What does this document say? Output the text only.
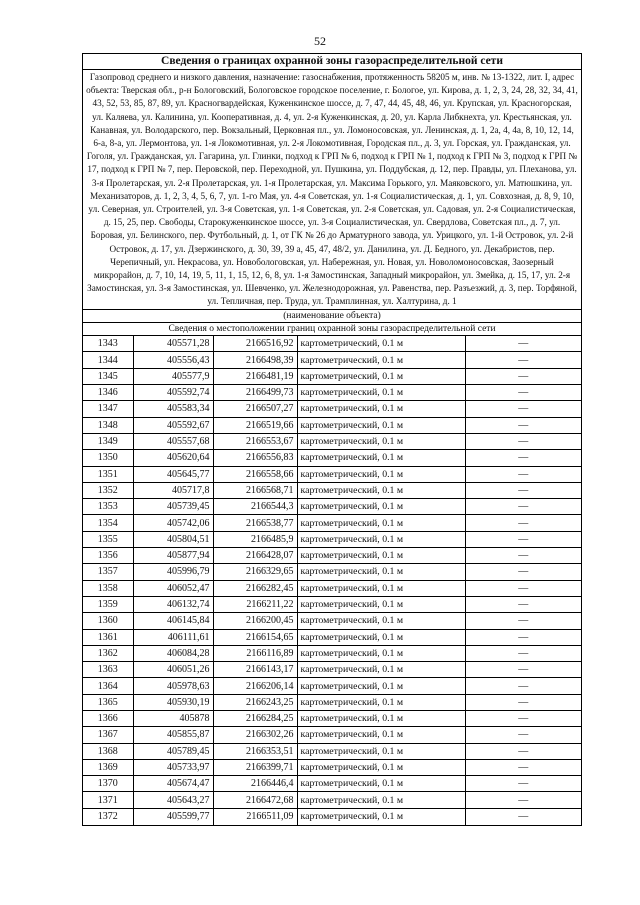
52
Сведения о границах охранной зоны газораспределительной сети
Газопровод среднего и низкого давления, назначение: газоснабжения, протяженность 58205 м, инв. № 13-1322, лит. I, адрес объекта: Тверская обл., р-н Бологовский, Бологовское городское поселение, г. Бологое, ул. Кирова, д. 1, 2, 3, 24, 28, 32, 34, 41, 43, 52, 53, 85, 87, 89, ул. Красногвардейская, Куженкинское шоссе, д. 7, 47, 44, 45, 48, 46, ул. Крупская, ул. Красногорская, ул. Каляева, ул. Калинина, ул. Кооперативная, д. 4, ул. 2-я Куженкинская, д. 20, ул. Карла Либкнехта, ул. Крестьянская, ул. Канавная, ул. Володарского, пер. Вокзальный, Церковная пл., ул. Ломоносовская, ул. Ленинская, д. 1, 2а, 4, 4а, 8, 10, 12, 14, 6-а, 8-а, ул. Лермонтова, ул. 1-я Локомотивная, ул. 2-я Локомотивная, Городская пл., д. 3, ул. Горская, ул. Гражданская, ул. Гоголя, ул. Гражданская, ул. Гагарина, ул. Глинки, подход к ГРП № 6, подход к ГРП № 1, подход к ГРП № 3, подход к ГРП № 17, подход к ГРП № 7, пер. Перовской, пер. Переходной, ул. Пушкина, ул. Поддубская, д. 12, пер. Правды, ул. Плеханова, ул. 3-я Пролетарская, ул. 2-я Пролетарская, ул. 1-я Пролетарская, ул. Максима Горького, ул. Маяковского, ул. Матюшкина, ул. Механизаторов, д. 1, 2, 3, 4, 5, 6, 7, ул. 1-го Мая, ул. 4-я Советская, ул. 1-я Социалистическая, д. 1, ул. Совхозная, д. 8, 9, 10, ул. Северная, ул. Строителей, ул. 3-я Советская, ул. 1-я Советская, ул. 2-я Советская, ул. Садовая, ул. 2-я Социалистическая, д. 15, 25, пер. Свободы, Старокуженкинское шоссе, ул. 3-я Социалистическая, ул. Свердлова, Советская пл., д. 7, ул. Боровая, ул. Белинского, пер. Футбольный, д. 1, от ГК № 26 до Арматурного завода, ул. Урицкого, ул. 1-й Островок, ул. 2-й Островок, д. 17, ул. Дзержинского, д. 30, 39, 39 а, 45, 47, 48/2, ул. Данилина, ул. Д. Бедного, ул. Декабристов, пер. Черепичный, ул. Некрасова, ул. Новобологовская, ул. Набережная, ул. Новая, ул. Новоломоносовская, Заозерный микрорайон, д. 7, 10, 14, 19, 5, 11, 1, 15, 12, 6, 8, ул. 1-я Замостинская, Западный микрорайон, ул. Змейка, д. 15, 17, ул. 2-я Замостинская, ул. 3-я Замостинская, ул. Шевченко, ул. Железнодорожная, ул. Равенства, пер. Разъезжий, д. 3, пер. Торфяной, ул. Тепличная, пер. Труда, ул. Трамплинная, ул. Халтурина, д. 1
(наименование объекта)
Сведения о местоположении границ охранной зоны газораспределительной сети
1343	405571,28	2166516,92	картометрический, 0.1 м	—
1344	405556,43	2166498,39	картометрический, 0.1 м	—
1345	405577,9	2166481,19	картометрический, 0.1 м	—
1346	405592,74	2166499,73	картометрический, 0.1 м	—
1347	405583,34	2166507,27	картометрический, 0.1 м	—
1348	405592,67	2166519,66	картометрический, 0.1 м	—
1349	405557,68	2166553,67	картометрический, 0.1 м	—
1350	405620,64	2166556,83	картометрический, 0.1 м	—
1351	405645,77	2166558,66	картометрический, 0.1 м	—
1352	405717,8	2166568,71	картометрический, 0.1 м	—
1353	405739,45	2166544,3	картометрический, 0.1 м	—
1354	405742,06	2166538,77	картометрический, 0.1 м	—
1355	405804,51	2166485,9	картометрический, 0.1 м	—
1356	405877,94	2166428,07	картометрический, 0.1 м	—
1357	405996,79	2166329,65	картометрический, 0.1 м	—
1358	406052,47	2166282,45	картометрический, 0.1 м	—
1359	406132,74	2166211,22	картометрический, 0.1 м	—
1360	406145,84	2166200,45	картометрический, 0.1 м	—
1361	406111,61	2166154,65	картометрический, 0.1 м	—
1362	406084,28	2166116,89	картометрический, 0.1 м	—
1363	406051,26	2166143,17	картометрический, 0.1 м	—
1364	405978,63	2166206,14	картометрический, 0.1 м	—
1365	405930,19	2166243,25	картометрический, 0.1 м	—
1366	405878	2166284,25	картометрический, 0.1 м	—
1367	405855,87	2166302,26	картометрический, 0.1 м	—
1368	405789,45	2166353,51	картометрический, 0.1 м	—
1369	405733,97	2166399,71	картометрический, 0.1 м	—
1370	405674,47	2166446,4	картометрический, 0.1 м	—
1371	405643,27	2166472,68	картометрический, 0.1 м	—
1372	405599,77	2166511,09	картометрический, 0.1 м	—
